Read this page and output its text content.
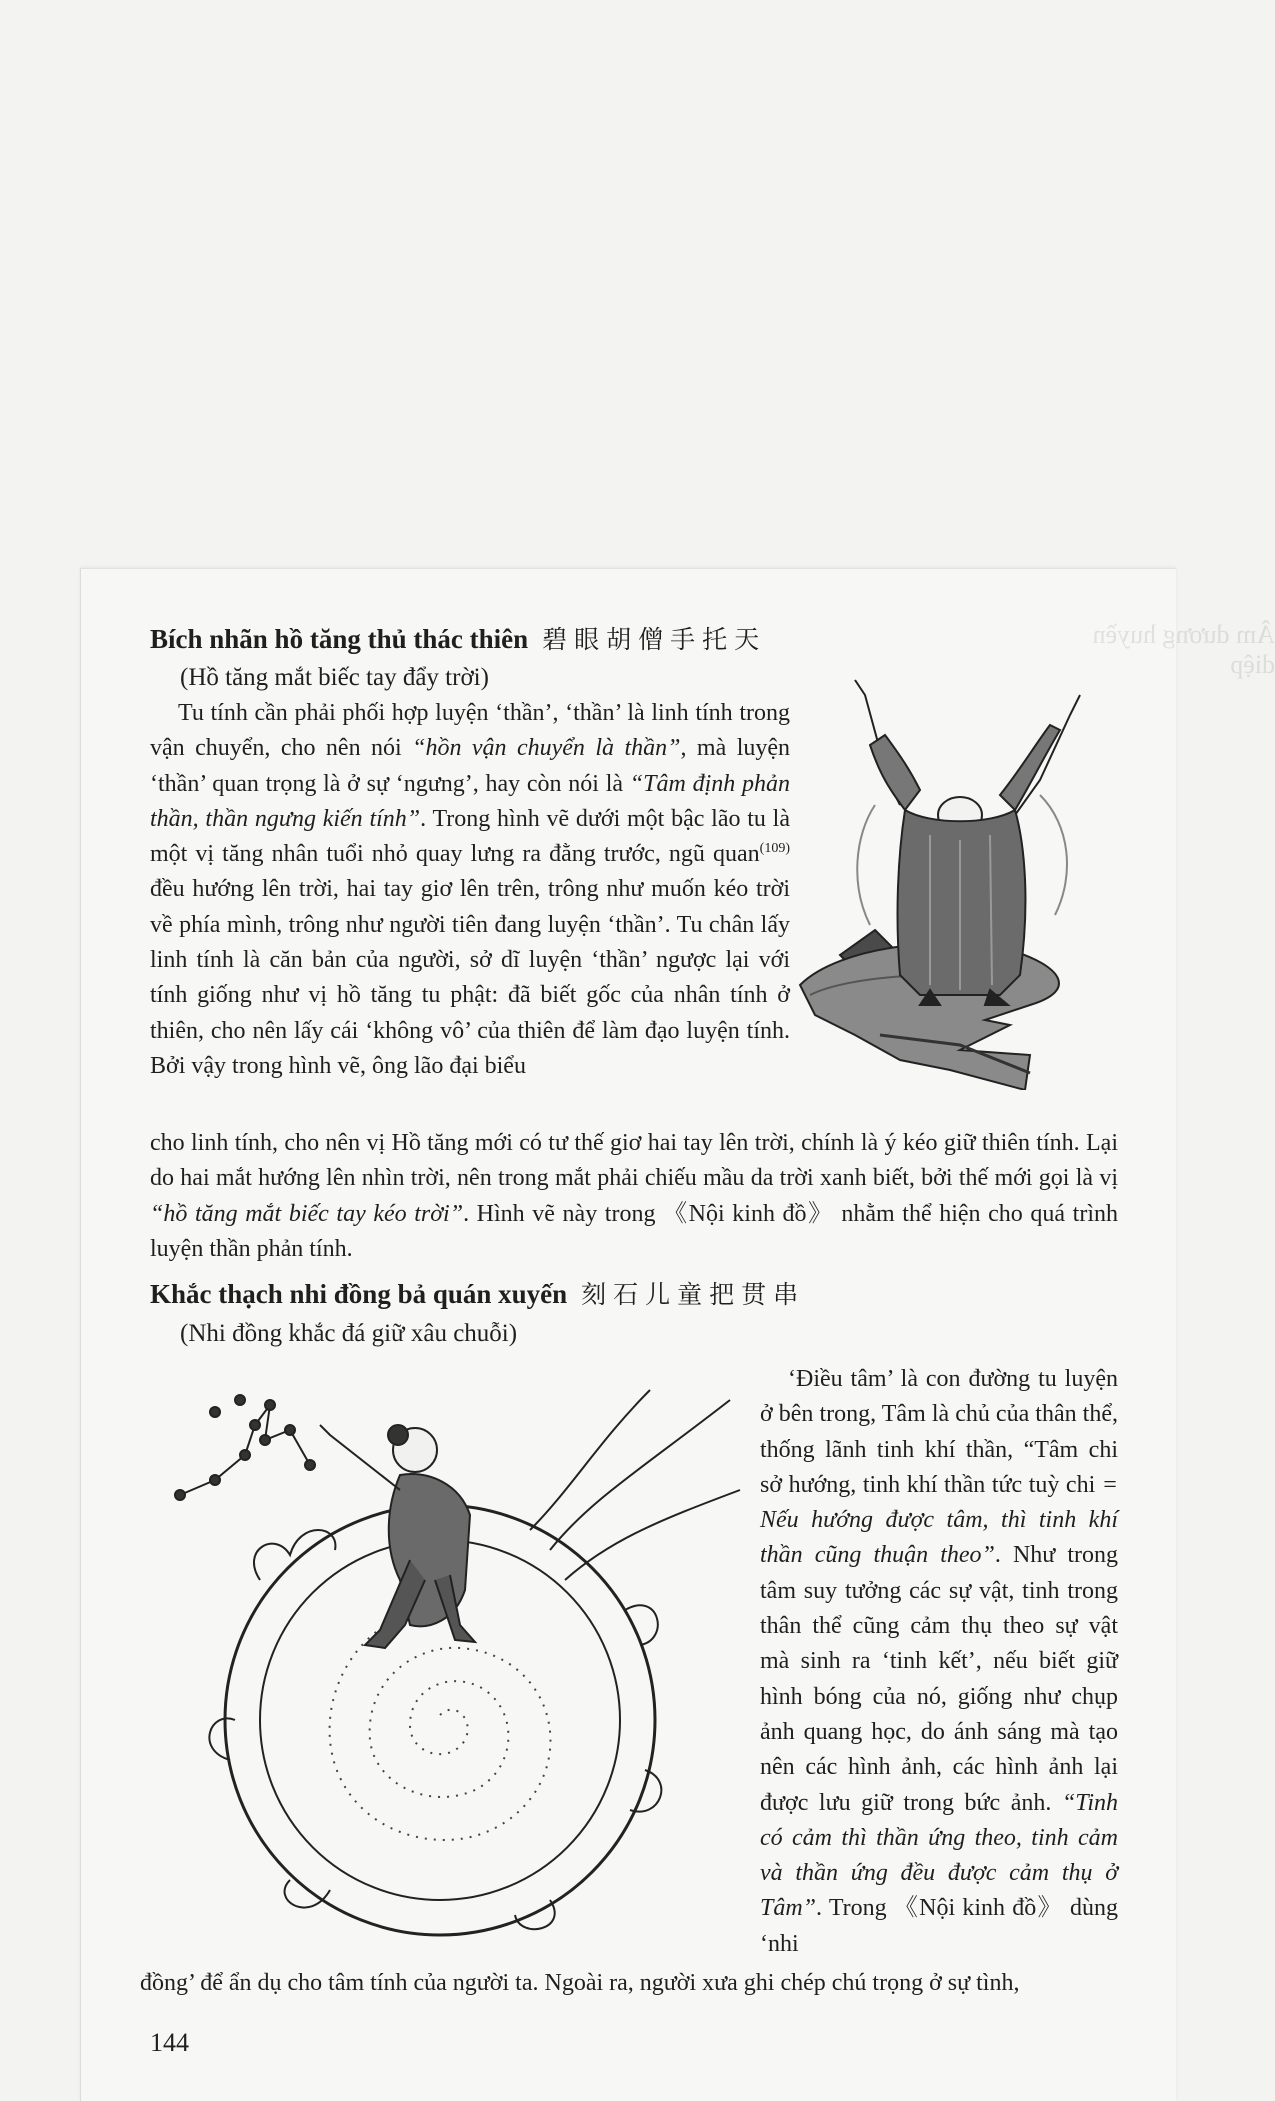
Âm dương huyền diệp
Bích nhãn hồ tăng thủ thác thiên 碧眼胡僧手托天
(Hồ tăng mắt biếc tay đẩy trời)
Tu tính cần phải phối hợp luyện ‘thần’, ‘thần’ là linh tính trong vận chuyển, cho nên nói “hồn vận chuyển là thần”, mà luyện ‘thần’ quan trọng là ở sự ‘ngưng’, hay còn nói là “Tâm định phản thần, thần ngưng kiến tính”. Trong hình vẽ dưới một bậc lão tu là một vị tăng nhân tuổi nhỏ quay lưng ra đằng trước, ngũ quan$^{(109)}$ đều hướng lên trời, hai tay giơ lên trên, trông như muốn kéo trời về phía mình, trông như người tiên đang luyện ‘thần’. Tu chân lấy linh tính là căn bản của người, sở dĩ luyện ‘thần’ ngược lại với tính giống như vị hồ tăng tu phật: đã biết gốc của nhân tính ở thiên, cho nên lấy cái ‘không vô’ của thiên để làm đạo luyện tính. Bởi vậy trong hình vẽ, ông lão đại biểu
cho linh tính, cho nên vị Hồ tăng mới có tư thế giơ hai tay lên trời, chính là ý kéo giữ thiên tính. Lại do hai mắt hướng lên nhìn trời, nên trong mắt phải chiếu mầu da trời xanh biết, bởi thế mới gọi là vị “hồ tăng mắt biếc tay kéo trời”. Hình vẽ này trong 《Nội kinh đồ》 nhằm thể hiện cho quá trình luyện thần phản tính.
Khắc thạch nhi đồng bả quán xuyến 刻石儿童把贯串
(Nhi đồng khắc đá giữ xâu chuỗi)
‘Điều tâm’ là con đường tu luyện ở bên trong, Tâm là chủ của thân thể, thống lãnh tinh khí thần, “Tâm chi sở hướng, tinh khí thần tức tuỳ chi = Nếu hướng được tâm, thì tinh khí thần cũng thuận theo”. Như trong tâm suy tưởng các sự vật, tinh trong thân thể cũng cảm thụ theo sự vật mà sinh ra ‘tinh kết’, nếu biết giữ hình bóng của nó, giống như chụp ảnh quang học, do ánh sáng mà tạo nên các hình ảnh, các hình ảnh lại được lưu giữ trong bức ảnh. “Tinh có cảm thì thần ứng theo, tinh cảm và thần ứng đều được cảm thụ ở Tâm”. Trong 《Nội kinh đồ》 dùng ‘nhi
đồng’ để ẩn dụ cho tâm tính của người ta. Ngoài ra, người xưa ghi chép chú trọng ở sự tình,
144
